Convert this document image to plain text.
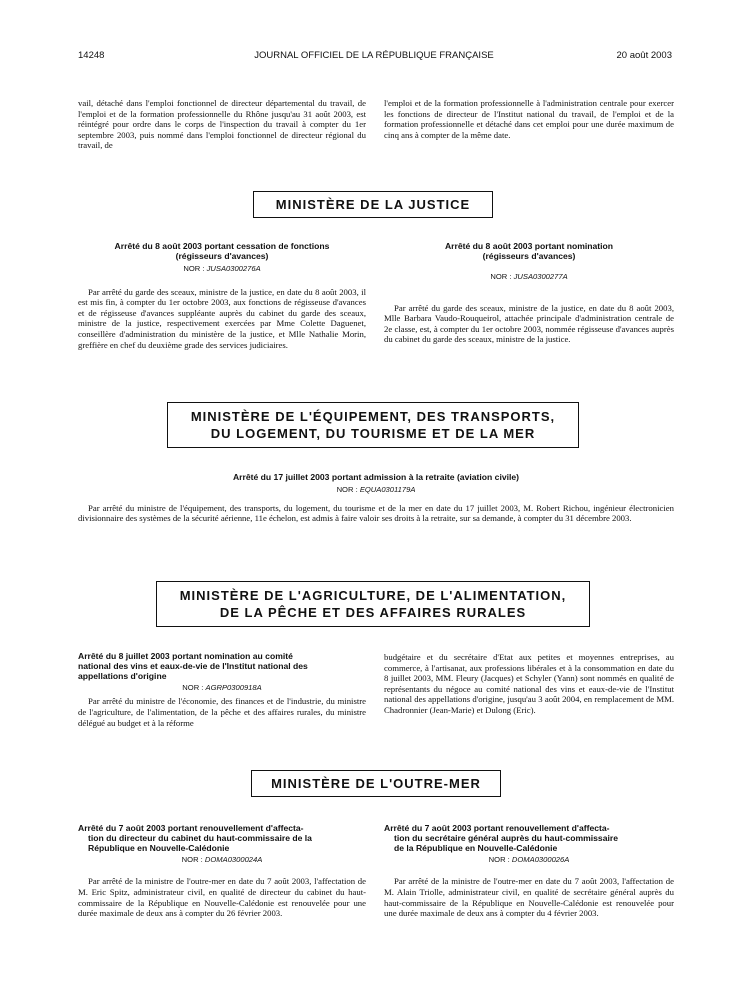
14248	JOURNAL OFFICIEL DE LA RÉPUBLIQUE FRANÇAISE	20 août 2003

vail, détaché dans l'emploi fonctionnel de directeur départemental du travail, de l'emploi et de la formation professionnelle du Rhône jusqu'au 31 août 2003, est réintégré pour ordre dans le corps de l'inspection du travail à compter du 1er septembre 2003, puis nommé dans l'emploi fonctionnel de directeur régional du travail, de

l'emploi et de la formation professionnelle à l'administration centrale pour exercer les fonctions de directeur de l'Institut national du travail, de l'emploi et de la formation professionnelle et détaché dans cet emploi pour une durée maximum de cinq ans à compter de la même date.

MINISTÈRE DE LA JUSTICE

Arrêté du 8 août 2003 portant cessation de fonctions

(régisseurs d'avances)

NOR : JUSA0300276A

Par arrêté du garde des sceaux, ministre de la justice, en date du 8 août 2003, il est mis fin, à compter du 1er octobre 2003, aux fonctions de régisseuse d'avances et de régisseuse d'avances suppléante auprès du cabinet du garde des sceaux, ministre de la justice, respectivement exercées par Mme Colette Daguenet, conseillère d'administration du ministère de la justice, et Mlle Nathalie Morin, greffière en chef du deuxième grade des services judiciaires.

Arrêté du 8 août 2003 portant nomination

(régisseurs d'avances)

NOR : JUSA0300277A

Par arrêté du garde des sceaux, ministre de la justice, en date du 8 août 2003, Mlle Barbara Vaudo-Rouqueirol, attachée principale d'administration centrale de 2e classe, est, à compter du 1er octobre 2003, nommée régisseuse d'avances auprès du cabinet du garde des sceaux, ministre de la justice.

MINISTÈRE DE L'ÉQUIPEMENT, DES TRANSPORTS,
DU LOGEMENT, DU TOURISME ET DE LA MER

Arrêté du 17 juillet 2003 portant admission à la retraite (aviation civile)

NOR : EQUA0301179A

Par arrêté du ministre de l'équipement, des transports, du logement, du tourisme et de la mer en date du 17 juillet 2003, M. Robert Richou, ingénieur électronicien divisionnaire des systèmes de la sécurité aérienne, 11e échelon, est admis à faire valoir ses droits à la retraite, sur sa demande, à compter du 31 décembre 2003.

MINISTÈRE DE L'AGRICULTURE, DE L'ALIMENTATION,
DE LA PÊCHE ET DES AFFAIRES RURALES

Arrêté du 8 juillet 2003 portant nomination au comité

national des vins et eaux-de-vie de l'Institut national des

appellations d'origine

NOR : AGRP0300918A

Par arrêté du ministre de l'économie, des finances et de l'industrie, du ministre de l'agriculture, de l'alimentation, de la pêche et des affaires rurales, du ministre délégué au budget et à la réforme

budgétaire et du secrétaire d'Etat aux petites et moyennes entreprises, au commerce, à l'artisanat, aux professions libérales et à la consommation en date du 8 juillet 2003, MM. Fleury (Jacques) et Schyler (Yann) sont nommés en qualité de représentants du négoce au comité national des vins et eaux-de-vie de l'Institut national des appellations d'origine, jusqu'au 3 août 2004, en remplacement de MM. Chadronnier (Jean-Marie) et Dulong (Eric).

MINISTÈRE DE L'OUTRE-MER

Arrêté du 7 août 2003 portant renouvellement d'affecta-

tion du directeur du cabinet du haut-commissaire de la

République en Nouvelle-Calédonie

NOR : DOMA0300024A

Par arrêté de la ministre de l'outre-mer en date du 7 août 2003, l'affectation de M. Eric Spitz, administrateur civil, en qualité de directeur du cabinet du haut-commissaire de la République en Nouvelle-Calédonie est renouvelée pour une durée maximale de deux ans à compter du 26 février 2003.

Arrêté du 7 août 2003 portant renouvellement d'affecta-

tion du secrétaire général auprès du haut-commissaire

de la République en Nouvelle-Calédonie

NOR : DOMA0300026A

Par arrêté de la ministre de l'outre-mer en date du 7 août 2003, l'affectation de M. Alain Triolle, administrateur civil, en qualité de secrétaire général auprès du haut-commissaire de la République en Nouvelle-Calédonie est renouvelée pour une durée maximale de deux ans à compter du 4 février 2003.
